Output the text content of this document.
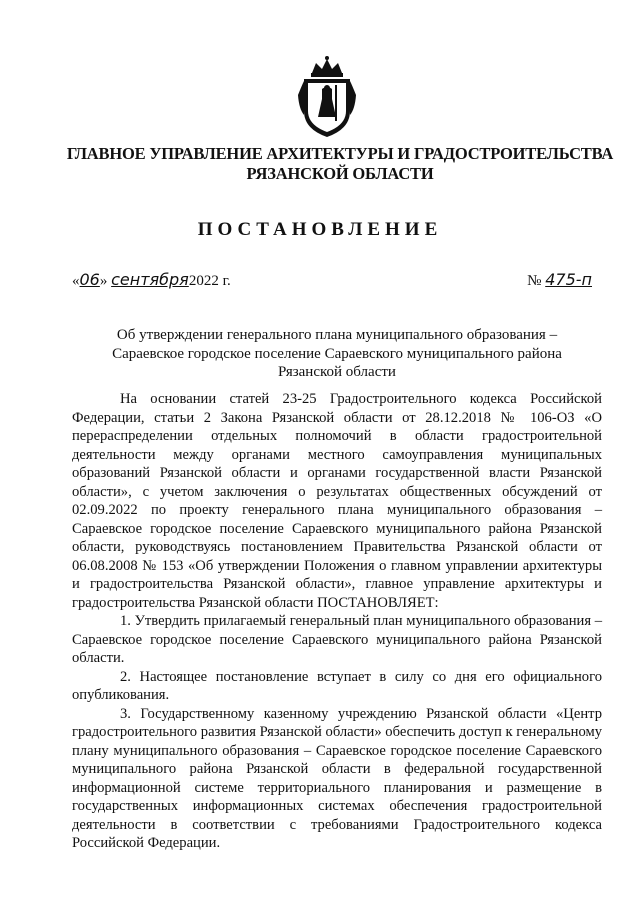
ГЛАВНОЕ УПРАВЛЕНИЕ АРХИТЕКТУРЫ И ГРАДОСТРОИТЕЛЬСТВА
РЯЗАНСКОЙ ОБЛАСТИ
ПОСТАНОВЛЕНИЕ
«06» сентября2022 г.	№ 475-п
Об утверждении генерального плана муниципального образования –
Сараевское городское поселение Сараевского муниципального района
Рязанской области

На основании статей 23-25 Градостроительного кодекса Российской Федерации, статьи 2 Закона Рязанской области от 28.12.2018 № 106-ОЗ «О перераспределении отдельных полномочий в области градостроительной деятельности между органами местного самоуправления муниципальных образований Рязанской области и органами государственной власти Рязанской области», с учетом заключения о результатах общественных обсуждений от 02.09.2022 по проекту генерального плана муниципального образования – Сараевское городское поселение Сараевского муниципального района Рязанской области, руководствуясь постановлением Правительства Рязанской области от 06.08.2008 № 153 «Об утверждении Положения о главном управлении архитектуры и градостроительства Рязанской области», главное управление архитектуры и градостроительства Рязанской области ПОСТАНОВЛЯЕТ:

1. Утвердить прилагаемый генеральный план муниципального образования – Сараевское городское поселение Сараевского муниципального района Рязанской области.

2. Настоящее постановление вступает в силу со дня его официального опубликования.

3. Государственному казенному учреждению Рязанской области «Центр градостроительного развития Рязанской области» обеспечить доступ к генеральному плану муниципального образования – Сараевское городское поселение Сараевского муниципального района Рязанской области в федеральной государственной информационной системе территориального планирования и размещение в государственных информационных системах обеспечения градостроительной деятельности в соответствии с требованиями Градостроительного кодекса Российской Федерации.
